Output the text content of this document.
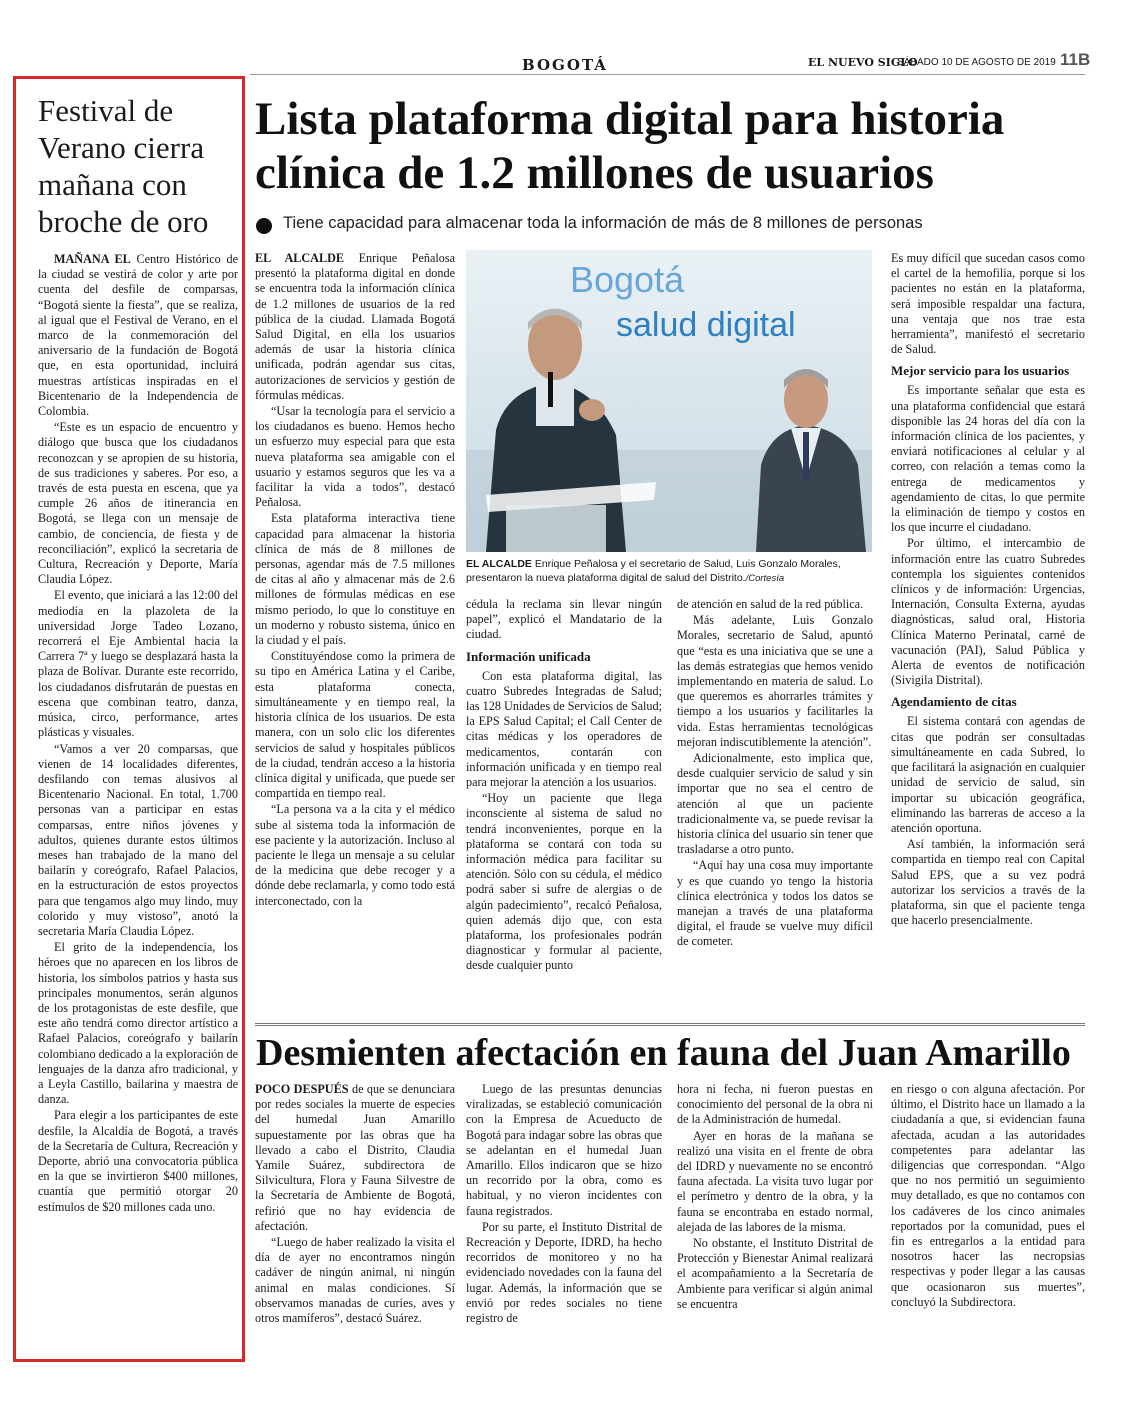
BOGOTÁ	EL NUEVO SIGLO
SÁBADO 10 DE AGOSTO DE 2019 11B
Festival de Verano cierra mañana con broche de oro

MAÑANA EL Centro Histórico de la ciudad se vestirá de color y arte por cuenta del desfile de comparsas, “Bogotá siente la fiesta”, que se realiza, al igual que el Festival de Verano, en el marco de la conmemoración del aniversario de la fundación de Bogotá que, en esta oportunidad, incluirá muestras artísticas inspiradas en el Bicentenario de la Independencia de Colombia.

“Este es un espacio de encuentro y diálogo que busca que los ciudadanos reconozcan y se apropien de su historia, de sus tradiciones y saberes. Por eso, a través de esta puesta en escena, que ya cumple 26 años de itinerancia en Bogotá, se llega con un mensaje de cambio, de conciencia, de fiesta y de reconciliación”, explicó la secretaria de Cultura, Recreación y Deporte, María Claudia López.

El evento, que iniciará a las 12:00 del mediodía en la plazoleta de la universidad Jorge Tadeo Lozano, recorrerá el Eje Ambiental hacia la Carrera 7ª y luego se desplazará hasta la plaza de Bolívar. Durante este recorrido, los ciudadanos disfrutarán de puestas en escena que combinan teatro, danza, música, circo, performance, artes plásticas y visuales.

“Vamos a ver 20 comparsas, que vienen de 14 localidades diferentes, desfilando con temas alusivos al Bicentenario Nacional. En total, 1.700 personas van a participar en estas comparsas, entre niños jóvenes y adultos, quienes durante estos últimos meses han trabajado de la mano del bailarín y coreógrafo, Rafael Palacios, en la estructuración de estos proyectos para que tengamos algo muy lindo, muy colorido y muy vistoso”, anotó la secretaria María Claudia López.

El grito de la independencia, los héroes que no aparecen en los libros de historia, los símbolos patrios y hasta sus principales monumentos, serán algunos de los protagonistas de este desfile, que este año tendrá como director artístico a Rafael Palacios, coreógrafo y bailarín colombiano dedicado a la exploración de lenguajes de la danza afro tradicional, y a Leyla Castillo, bailarina y maestra de danza.

Para elegir a los participantes de este desfile, la Alcaldía de Bogotá, a través de la Secretaría de Cultura, Recreación y Deporte, abrió una convocatoria pública en la que se invirtieron $400 millones, cuantía que permitió otorgar 20 estímulos de $20 millones cada uno.

Lista plataforma digital para historia clínica de 1.2 millones de usuarios
Tiene capacidad para almacenar toda la información de más de 8 millones de personas

EL ALCALDE Enrique Peñalosa presentó la plataforma digital en donde se encuentra toda la información clínica de 1.2 millones de usuarios de la red pública de la ciudad. Llamada Bogotá Salud Digital, en ella los usuarios además de usar la historia clínica unificada, podrán agendar sus citas, autorizaciones de servicios y gestión de fórmulas médicas.

“Usar la tecnología para el servicio a los ciudadanos es bueno. Hemos hecho un esfuerzo muy especial para que esta nueva plataforma sea amigable con el usuario y estamos seguros que les va a facilitar la vida a todos”, destacó Peñalosa.

Esta plataforma interactiva tiene capacidad para almacenar la historia clínica de más de 8 millones de personas, agendar más de 7.5 millones de citas al año y almacenar más de 2.6 millones de fórmulas médicas en ese mismo periodo, lo que lo constituye en un moderno y robusto sistema, único en la ciudad y el país.

Constituyéndose como la primera de su tipo en América Latina y el Caribe, esta plataforma conecta, simultáneamente y en tiempo real, la historia clínica de los usuarios. De esta manera, con un solo clic los diferentes servicios de salud y hospitales públicos de la ciudad, tendrán acceso a la historia clínica digital y unificada, que puede ser compartida en tiempo real.

“La persona va a la cita y el médico sube al sistema toda la información de ese paciente y la autorización. Incluso al paciente le llega un mensaje a su celular de la medicina que debe recoger y a dónde debe reclamarla, y como todo está interconectado, con la

Bogotá
salud digital
EL ALCALDE Enrique Peñalosa y el secretario de Salud, Luis Gonzalo Morales, presentaron la nueva plataforma digital de salud del Distrito./Cortesía

cédula la reclama sin llevar ningún papel”, explicó el Mandatario de la ciudad.

Información unificada

Con esta plataforma digital, las cuatro Subredes Integradas de Salud; las 128 Unidades de Servicios de Salud; la EPS Salud Capital; el Call Center de citas médicas y los operadores de medicamentos, contarán con información unificada y en tiempo real para mejorar la atención a los usuarios.

“Hoy un paciente que llega inconsciente al sistema de salud no tendrá inconvenientes, porque en la plataforma se contará con toda su información médica para facilitar su atención. Sólo con su cédula, el médico podrá saber si sufre de alergias o de algún padecimiento”, recalcó Peñalosa, quien además dijo que, con esta plataforma, los profesionales podrán diagnosticar y formular al paciente, desde cualquier punto

de atención en salud de la red pública.

Más adelante, Luis Gonzalo Morales, secretario de Salud, apuntó que “esta es una iniciativa que se une a las demás estrategias que hemos venido implementando en materia de salud. Lo que queremos es ahorrarles trámites y tiempo a los usuarios y facilitarles la vida. Estas herramientas tecnológicas mejoran indiscutiblemente la atención”.

Adicionalmente, esto implica que, desde cualquier servicio de salud y sin importar que no sea el centro de atención al que un paciente tradicionalmente va, se puede revisar la historia clínica del usuario sin tener que trasladarse a otro punto.

“Aquí hay una cosa muy importante y es que cuando yo tengo la historia clínica electrónica y todos los datos se manejan a través de una plataforma digital, el fraude se vuelve muy difícil de cometer.

Es muy difícil que sucedan casos como el cartel de la hemofilia, porque si los pacientes no están en la plataforma, será imposible respaldar una factura, una ventaja que nos trae esta herramienta”, manifestó el secretario de Salud.

Mejor servicio para los usuarios

Es importante señalar que esta es una plataforma confidencial que estará disponible las 24 horas del día con la información clínica de los pacientes, y enviará notificaciones al celular y al correo, con relación a temas como la entrega de medicamentos y agendamiento de citas, lo que permite la eliminación de tiempo y costos en los que incurre el ciudadano.

Por último, el intercambio de información entre las cuatro Subredes contempla los siguientes contenidos clínicos y de información: Urgencias, Internación, Consulta Externa, ayudas diagnósticas, salud oral, Historia Clínica Materno Perinatal, carné de vacunación (PAI), Salud Pública y Alerta de eventos de notificación (Sivigila Distrital).

Agendamiento de citas

El sistema contará con agendas de citas que podrán ser consultadas simultáneamente en cada Subred, lo que facilitará la asignación en cualquier unidad de servicio de salud, sin importar su ubicación geográfica, eliminando las barreras de acceso a la atención oportuna.

Así también, la información será compartida en tiempo real con Capital Salud EPS, que a su vez podrá autorizar los servicios a través de la plataforma, sin que el paciente tenga que hacerlo presencialmente.

Desmienten afectación en fauna del Juan Amarillo

POCO DESPUÉS de que se denunciara por redes sociales la muerte de especies del humedal Juan Amarillo supuestamente por las obras que ha llevado a cabo el Distrito, Claudia Yamile Suárez, subdirectora de Silvicultura, Flora y Fauna Silvestre de la Secretaría de Ambiente de Bogotá, refirió que no hay evidencia de afectación.

“Luego de haber realizado la visita el día de ayer no encontramos ningún cadáver de ningún animal, ni ningún animal en malas condiciones. Sí observamos manadas de curíes, aves y otros mamíferos”, destacó Suárez.

Luego de las presuntas denuncias viralizadas, se estableció comunicación con la Empresa de Acueducto de Bogotá para indagar sobre las obras que se adelantan en el humedal Juan Amarillo. Ellos indicaron que se hizo un recorrido por la obra, como es habitual, y no vieron incidentes con fauna registrados.

Por su parte, el Instituto Distrital de Recreación y Deporte, IDRD, ha hecho recorridos de monitoreo y no ha evidenciado novedades con la fauna del lugar. Además, la información que se envió por redes sociales no tiene registro de

hora ni fecha, ni fueron puestas en conocimiento del personal de la obra ni de la Administración de humedal.

Ayer en horas de la mañana se realizó una visita en el frente de obra del IDRD y nuevamente no se encontró fauna afectada. La visita tuvo lugar por el perímetro y dentro de la obra, y la fauna se encontraba en estado normal, alejada de las labores de la misma.

No obstante, el Instituto Distrital de Protección y Bienestar Animal realizará el acompañamiento a la Secretaría de Ambiente para verificar si algún animal se encuentra

en riesgo o con alguna afectación. Por último, el Distrito hace un llamado a la ciudadanía a que, si evidencian fauna afectada, acudan a las autoridades competentes para adelantar las diligencias que correspondan. “Algo que no nos permitió un seguimiento muy detallado, es que no contamos con los cadáveres de los cinco animales reportados por la comunidad, pues el fin es entregarlos a la entidad para nosotros hacer las necropsias respectivas y poder llegar a las causas que ocasionaron sus muertes”, concluyó la Subdirectora.
